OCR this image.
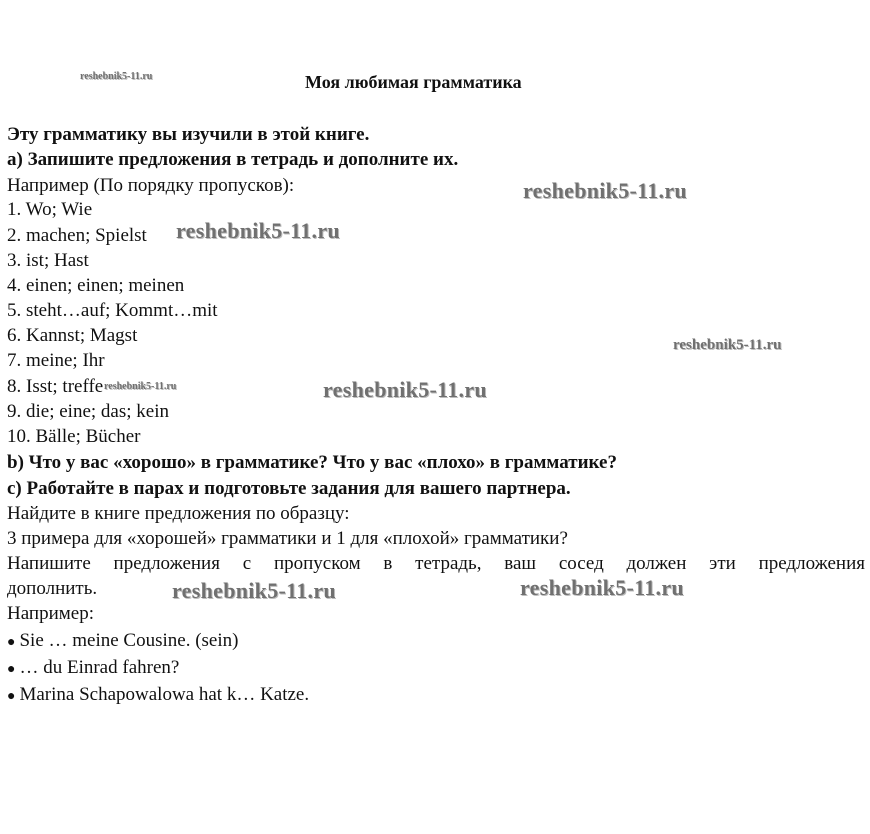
reshebnik5-11.ru	Моя любимая грамматика
Эту грамматику вы изучили в этой книге.
а) Запишите предложения в тетрадь и дополните их.
Например (По порядку пропусков):	reshebnik5-11.ru
1. Wo; Wie
2. machen; Spielst reshebnik5-11.ru
3. ist; Hast
4. einen; einen; meinen
5. steht…auf; Kommt…mit
6. Kannst; Magst	reshebnik5-11.ru
7. meine; Ihr
8. Isst; treffe reshebnik5-11.ru	reshebnik5-11.ru
9. die; eine; das; kein
10. Bälle; Bücher
b) Что у вас «хорошо» в грамматике? Что у вас «плохо» в грамматике?
c) Работайте в парах и подготовьте задания для вашего партнера.
Найдите в книге предложения по образцу:
3 примера для «хорошей» грамматики и 1 для «плохой» грамматики?
Напишите предложения с пропуском в тетрадь, ваш сосед должен эти предложения
дополнить.	reshebnik5-11.ru	reshebnik5-11.ru
Например:
● Sie … meine Cousine. (sein)
● … du Einrad fahren?
● Marina Schapowalowa hat k… Katze.
